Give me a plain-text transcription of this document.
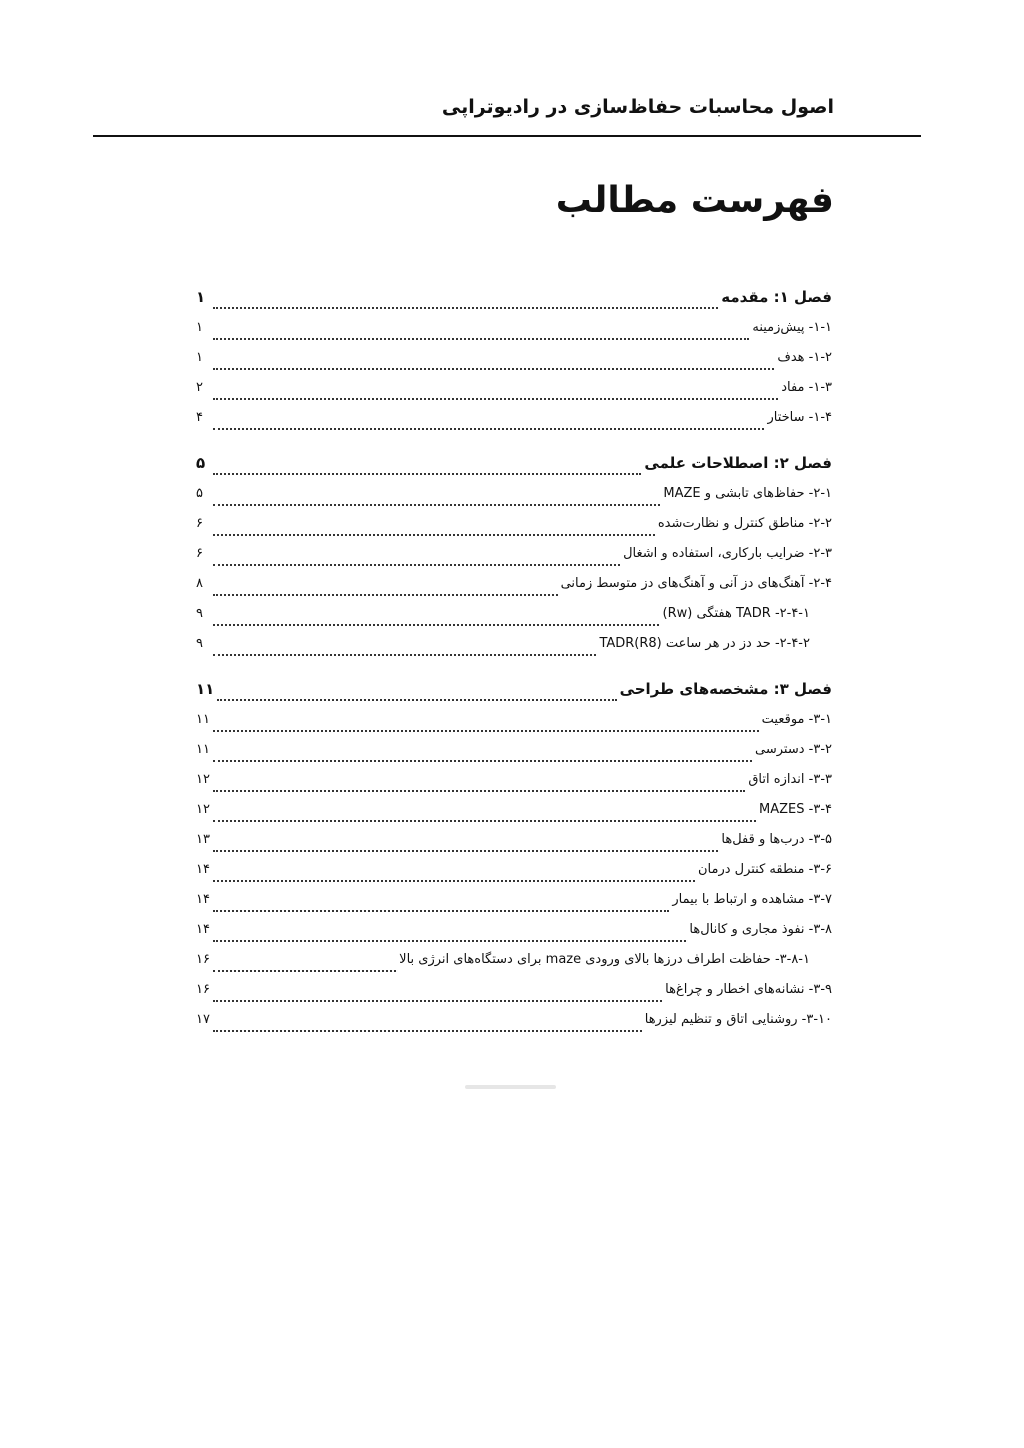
اصول محاسبات حفاظ‌سازی در رادیوتراپی
فهرست مطالب
فصل ۱: مقدمه
۱
۱-۱- پیش‌زمینه
۱
۱-۲- هدف
۱
۱-۳- مفاد
۲
۱-۴- ساختار
۴
فصل ۲: اصطلاحات علمی
۵
۲-۱- حفاظ‌های تابشی و MAZE
۵
۲-۲- مناطق کنترل و نظارت‌شده
۶
۲-۳- ضرایب بارکاری، استفاده و اشغال
۶
۲-۴- آهنگ‌های دز آنی و آهنگ‌های دز متوسط زمانی
۸
۲-۴-۱- TADR هفتگی (Rw)
۹
۲-۴-۲- حد دز در هر ساعت TADR(R8)
۹
فصل ۳: مشخصه‌های طراحی
۱۱
۳-۱- موقعیت
۱۱
۳-۲- دسترسی
۱۱
۳-۳- اندازه اتاق
۱۲
۳-۴- MAZES
۱۲
۳-۵- درب‌ها و قفل‌ها
۱۳
۳-۶- منطقه کنترل درمان
۱۴
۳-۷- مشاهده و ارتباط با بیمار
۱۴
۳-۸- نفوذ مجاری و کانال‌ها
۱۴
۳-۸-۱- حفاظت اطراف درزها بالای ورودی maze برای دستگاه‌های انرژی بالا
۱۶
۳-۹- نشانه‌های اخطار و چراغ‌ها
۱۶
۳-۱۰- روشنایی اتاق و تنظیم لیزرها
۱۷
